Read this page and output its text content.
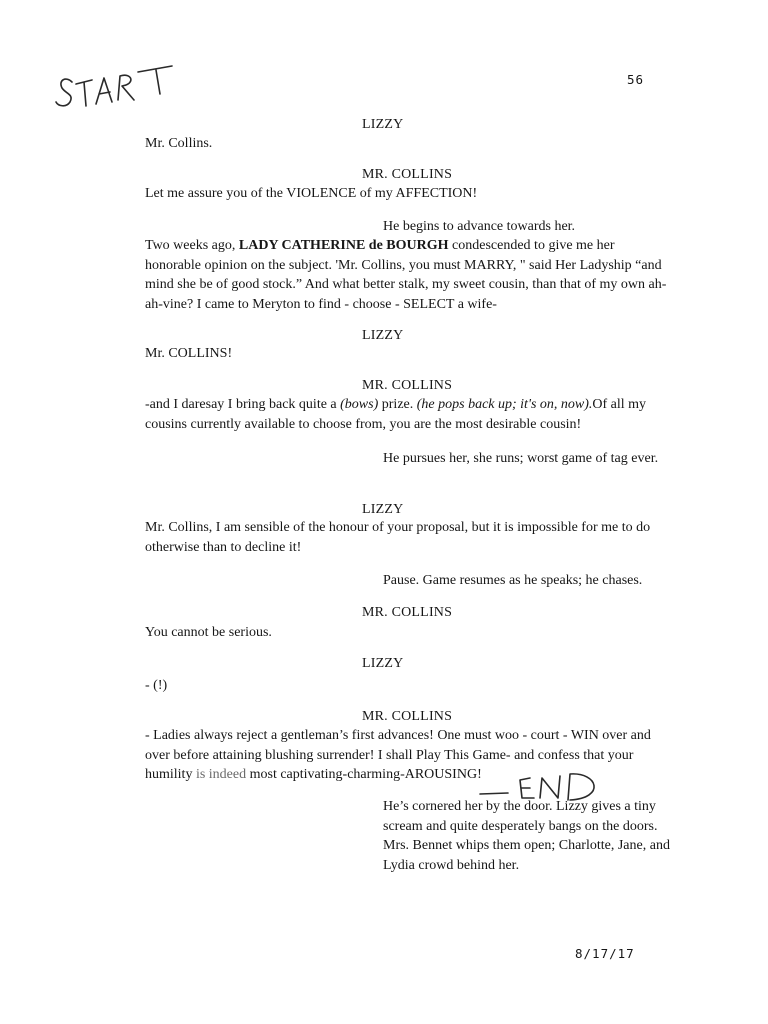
56
LIZZY
Mr. Collins.
MR. COLLINS
Let me assure you of the VIOLENCE of my AFFECTION!
He begins to advance towards her.
Two weeks ago, LADY CATHERINE de BOURGH condescended to give me her honorable opinion on the subject. 'Mr. Collins, you must MARRY, " said Her Ladyship “and mind she be of good stock.” And what better stalk, my sweet cousin, than that of my own ah- ah-vine? I came to Meryton to find - choose - SELECT a wife-
LIZZY
Mr. COLLINS!
MR. COLLINS
-and I daresay I bring back quite a (bows) prize. (he pops back up; it's on, now).Of all my cousins currently available to choose from, you are the most desirable cousin!
He pursues her, she runs; worst game of tag ever.
LIZZY
Mr. Collins, I am sensible of the honour of your proposal, but it is impossible for me to do otherwise than to decline it!
Pause. Game resumes as he speaks; he chases.
MR. COLLINS
You cannot be serious.
LIZZY
- (!)
MR. COLLINS
- Ladies always reject a gentleman’s first advances! One must woo - court - WIN over and over before attaining blushing surrender! I shall Play This Game- and confess that your humility is indeed most captivating-charming-AROUSING!
He’s cornered her by the door. Lizzy gives a tiny scream and quite desperately bangs on the doors. Mrs. Bennet whips them open; Charlotte, Jane, and Lydia crowd behind her.
8/17/17
